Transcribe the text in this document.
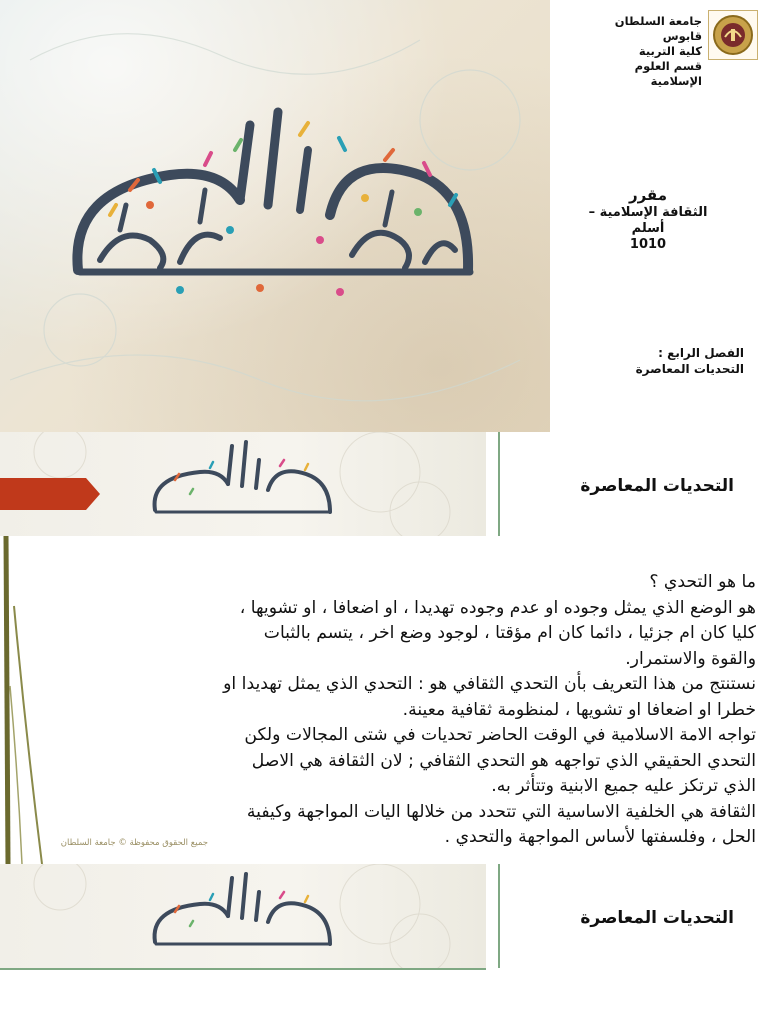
جامعة السلطان
قابوس
كلية التربية
قسم العلوم
الإسلامية
مقرر
الثقافة الإسلامية –
أسلم
1010
الفصل الرابع :
التحديات المعاصرة
التحديات المعاصرة
ما هو التحدي ؟
هو الوضع الذي يمثل وجوده او عدم وجوده تهديدا ، او اضعافا ، او تشويها ،
كليا كان ام جزئيا ، دائما كان ام مؤقتا ، لوجود وضع اخر ، يتسم بالثبات
والقوة والاستمرار.
نستنتج من هذا التعريف بأن التحدي الثقافي هو : التحدي الذي يمثل تهديدا او
خطرا او اضعافا او تشويها ، لمنظومة ثقافية معينة.
تواجه الامة الاسلامية في الوقت الحاضر تحديات في شتى المجالات ولكن
التحدي الحقيقي الذي تواجهه هو التحدي الثقافي ; لان الثقافة هي الاصل
الذي ترتكز عليه جميع الابنية وتتأثر به.
الثقافة هي الخلفية الاساسية التي تتحدد من خلالها اليات المواجهة وكيفية
الحل ، وفلسفتها لأساس المواجهة والتحدي .
جميع الحقوق محفوظة © جامعة السلطان
التحديات المعاصرة
